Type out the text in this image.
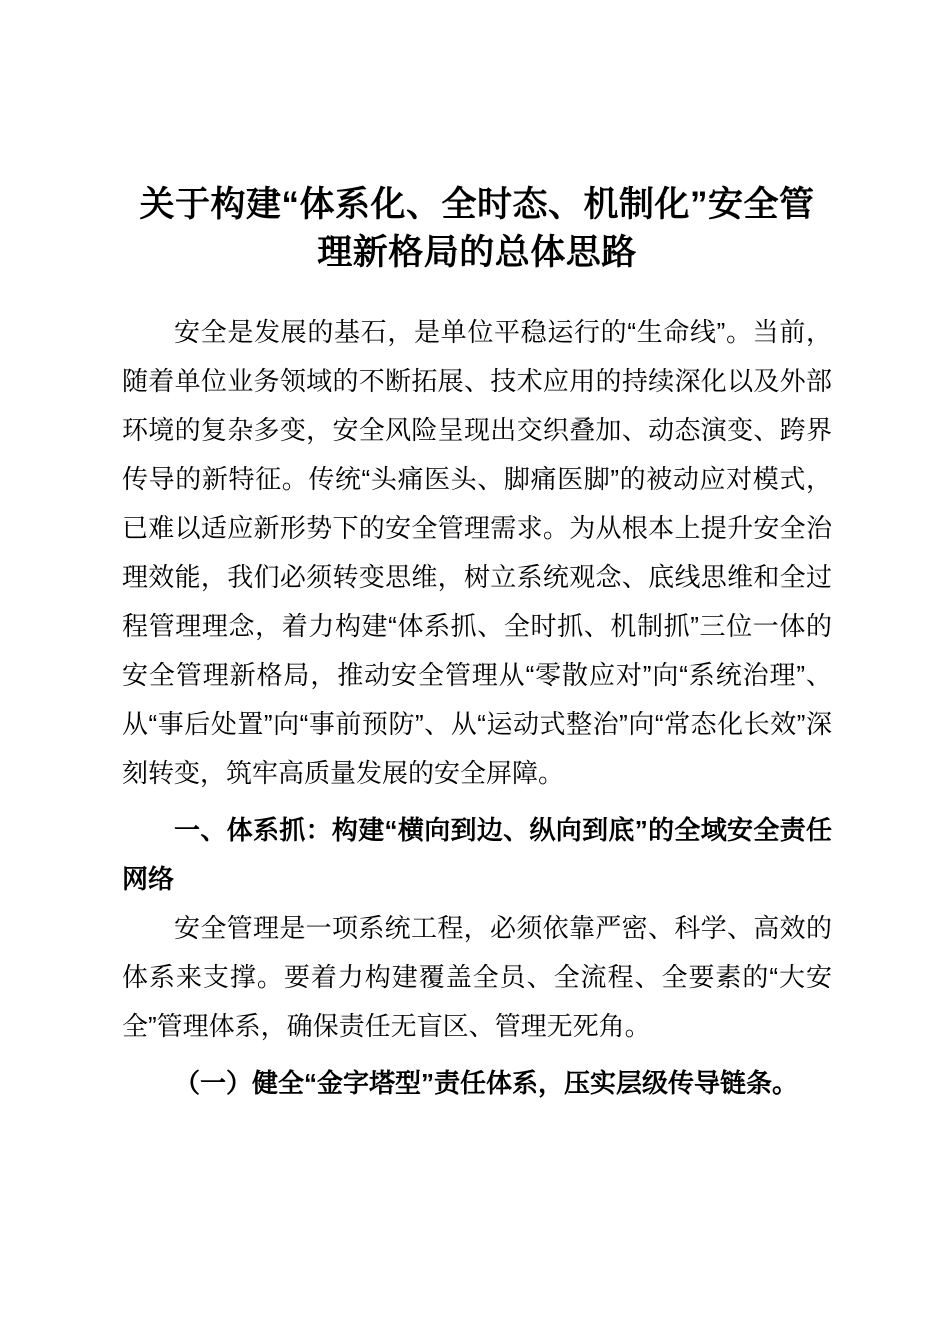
关于构建“体系化、全时态、机制化”安全管理新格局的总体思路

安全是发展的基石，是单位平稳运行的“生命线”。当前，随着单位业务领域的不断拓展、技术应用的持续深化以及外部环境的复杂多变，安全风险呈现出交织叠加、动态演变、跨界传导的新特征。传统“头痛医头、脚痛医脚”的被动应对模式，已难以适应新形势下的安全管理需求。为从根本上提升安全治理效能，我们必须转变思维，树立系统观念、底线思维和全过程管理理念，着力构建“体系抓、全时抓、机制抓”三位一体的安全管理新格局，推动安全管理从“零散应对”向“系统治理”、从“事后处置”向“事前预防”、从“运动式整治”向“常态化长效”深刻转变，筑牢高质量发展的安全屏障。

一、体系抓：构建“横向到边、纵向到底”的全域安全责任网络

安全管理是一项系统工程，必须依靠严密、科学、高效的体系来支撑。要着力构建覆盖全员、全流程、全要素的“大安全”管理体系，确保责任无盲区、管理无死角。

（一）健全“金字塔型”责任体系，压实层级传导链条。
